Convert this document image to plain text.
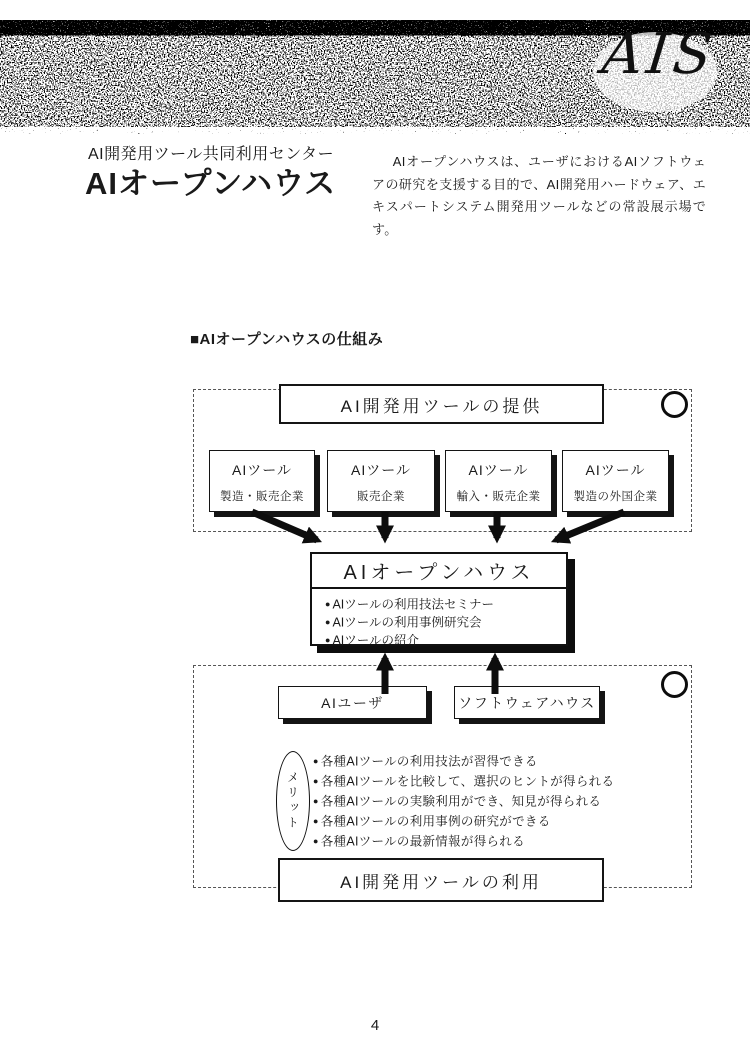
AIS
AI開発用ツール共同利用センター
AIオープンハウス
AIオープンハウスは、ユーザにおけるAIソフトウェアの研究を支援する目的で、AI開発用ハードウェア、エキスパートシステム開発用ツールなどの常設展示場です。
■AIオープンハウスの仕組み
AI開発用ツールの提供
AIツール
製造・販売企業
AIツール
販売企業
AIツール
輸入・販売企業
AIツール
製造の外国企業
AIオープンハウス
● AIツールの利用技法セミナー
● AIツールの利用事例研究会
● AIツールの紹介
AIユーザ	ソフトウェアハウス
メリット
● 各種AIツールの利用技法が習得できる
● 各種AIツールを比較して、選択のヒントが得られる
● 各種AIツールの実験利用ができ、知見が得られる
● 各種AIツールの利用事例の研究ができる
● 各種AIツールの最新情報が得られる
AI開発用ツールの利用
4
